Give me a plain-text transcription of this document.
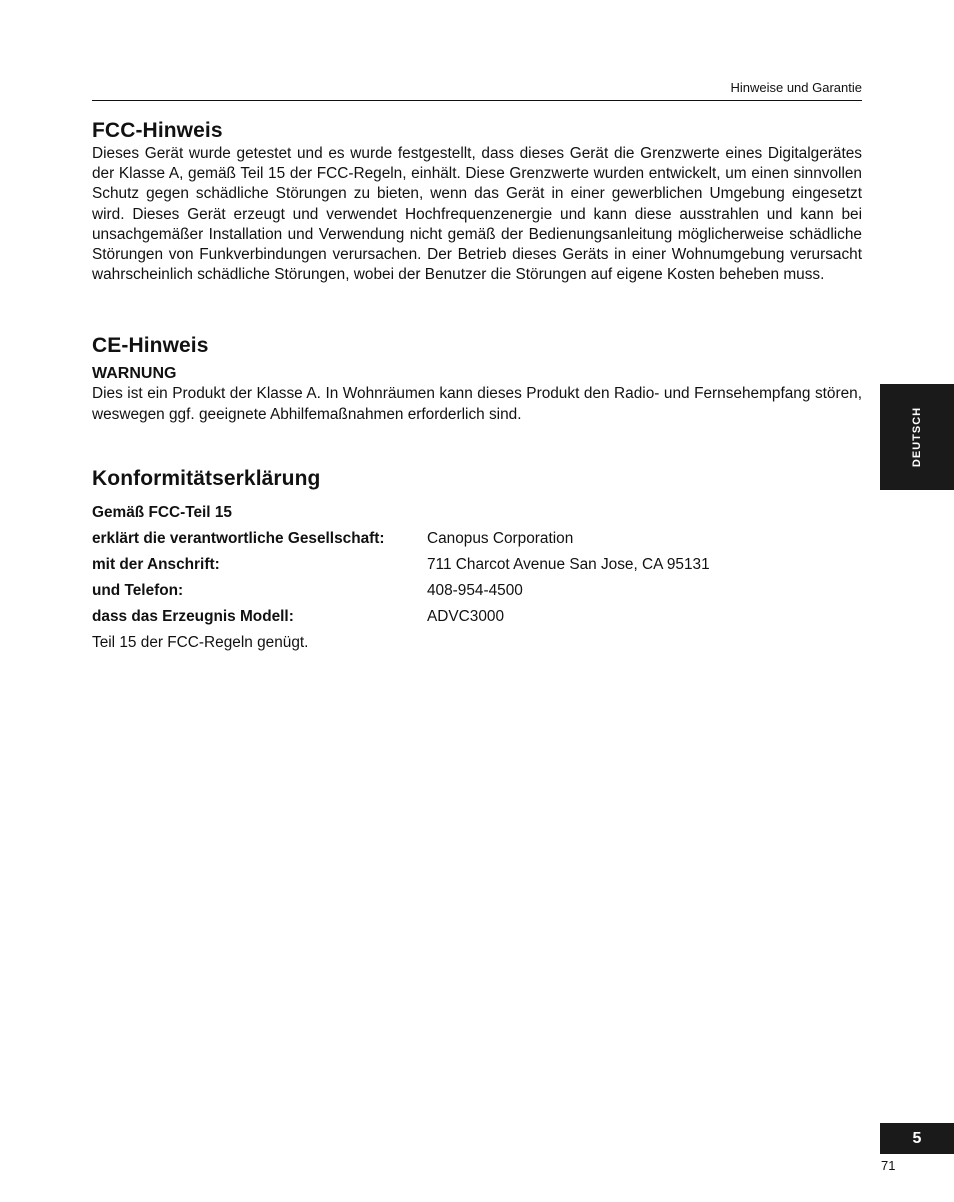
Hinweise und Garantie
FCC-Hinweis

Dieses Gerät wurde getestet und es wurde festgestellt, dass dieses Gerät die Grenzwerte eines Digitalgerätes der Klasse A, gemäß Teil 15 der FCC-Regeln, einhält. Diese Grenzwerte wurden entwickelt, um einen sinnvollen Schutz gegen schädliche Störungen zu bieten, wenn das Gerät in einer gewerblichen Umgebung eingesetzt wird. Dieses Gerät erzeugt und verwendet Hochfrequenzenergie und kann diese ausstrahlen und kann bei unsachgemäßer Installation und Verwendung nicht gemäß der Bedienungsanleitung möglicherweise schädliche Störungen von Funkverbindungen verursachen. Der Betrieb dieses Geräts in einer Wohnumgebung verursacht wahrscheinlich schädliche Störungen, wobei der Benutzer die Störungen auf eigene Kosten beheben muss.

CE-Hinweis
WARNUNG

Dies ist ein Produkt der Klasse A. In Wohnräumen kann dieses Produkt den Radio- und Fernsehempfang stören, weswegen ggf. geeignete Abhilfemaßnahmen erforderlich sind.

Konformitätserklärung
Gemäß FCC-Teil 15
erklärt die verantwortliche Gesellschaft:	Canopus Corporation
mit der Anschrift:	711 Charcot Avenue San Jose, CA 95131
und Telefon:	408-954-4500
dass das Erzeugnis Modell:	ADVC3000
Teil 15 der FCC-Regeln genügt.
DEUTSCH
5
71
